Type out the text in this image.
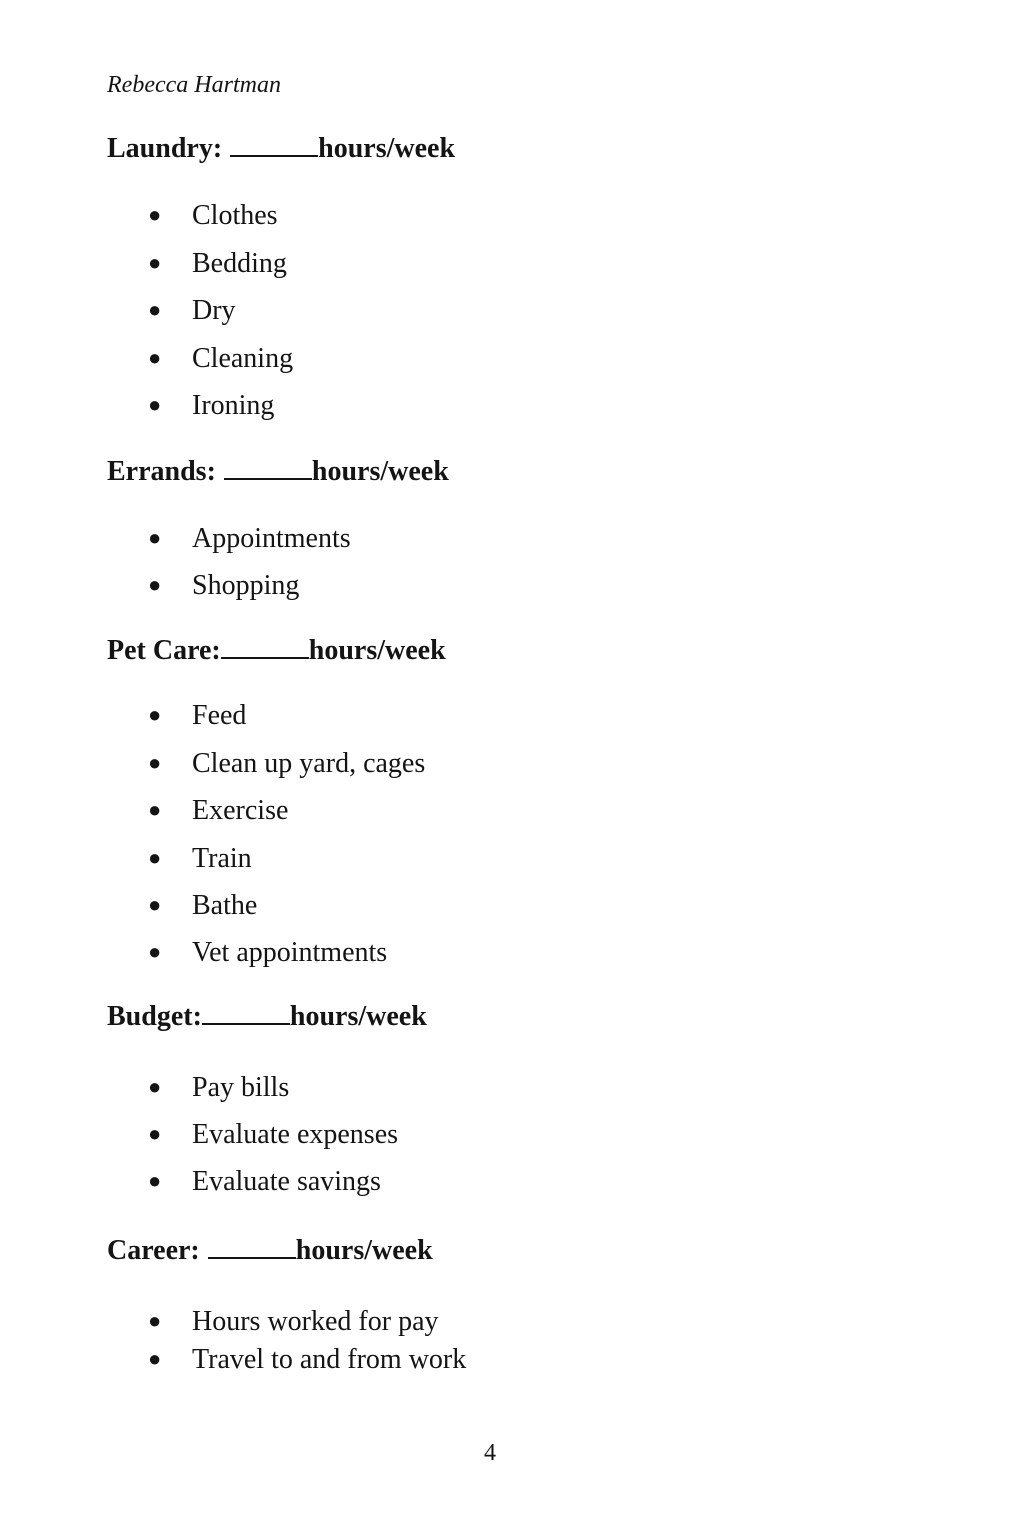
Rebecca Hartman
Laundry:	hours/week
● Clothes
● Bedding
● Dry
● Cleaning
● Ironing
Errands:	hours/week
● Appointments
● Shopping
Pet Care:	hours/week
● Feed
● Clean up yard, cages
● Exercise
● Train
● Bathe
● Vet appointments
Budget:	hours/week
● Pay bills
● Evaluate expenses
● Evaluate savings
Career:	hours/week
● Hours worked for pay
● Travel to and from work
4
